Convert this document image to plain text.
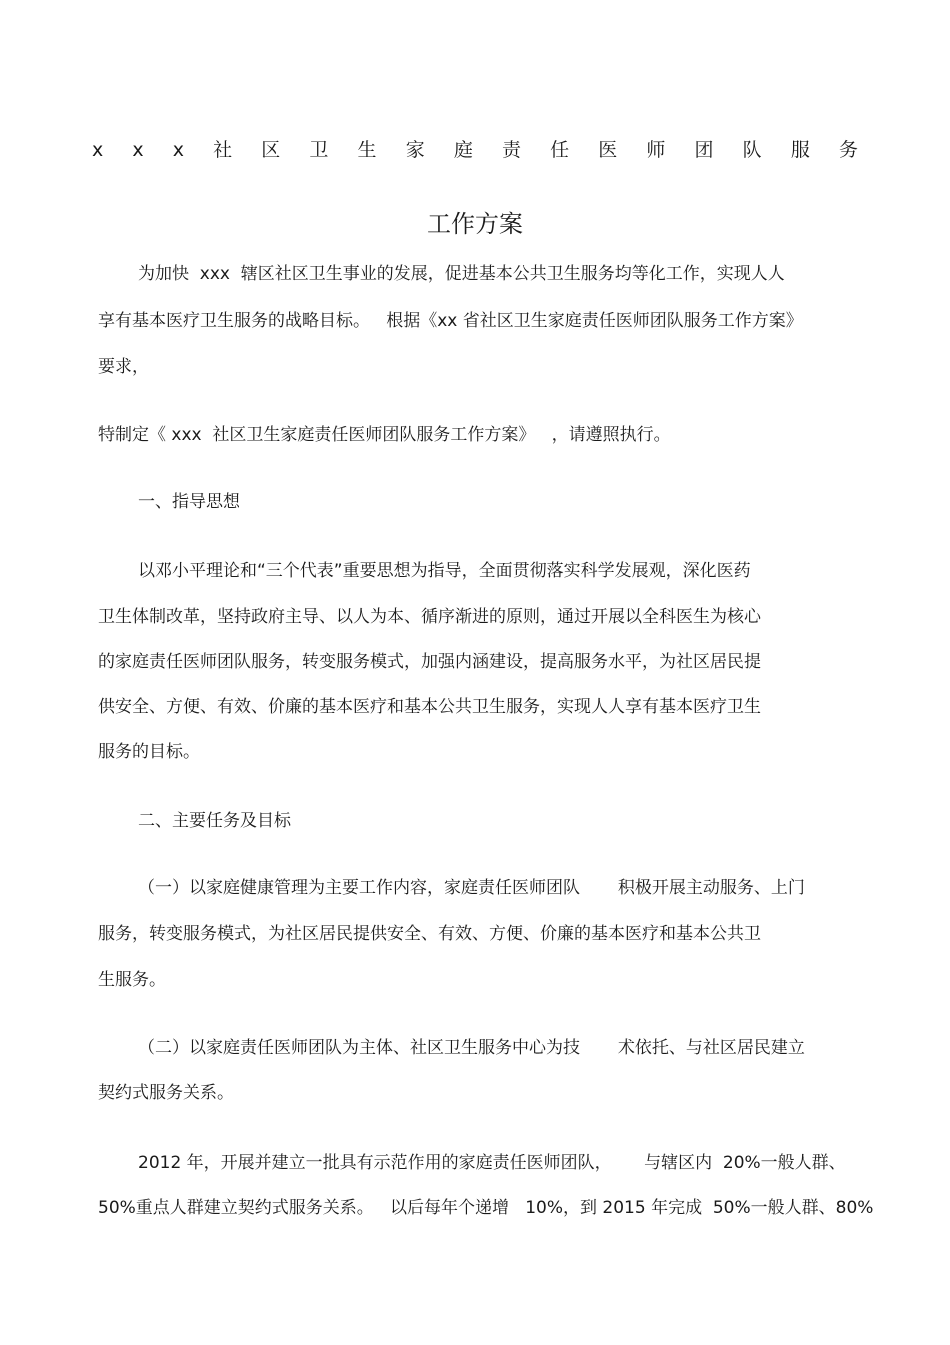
x x x 社 区 卫 生 家 庭 责 任 医 师 团 队 服 务
工作方案
为加快  xxx  辖区社区卫生事业的发展，促进基本公共卫生服务均等化工作，实现人人
享有基本医疗卫生服务的战略目标。   根据《xx 省社区卫生家庭责任医师团队服务工作方案》
要求，
特制定《 xxx  社区卫生家庭责任医师团队服务工作方案》   ，请遵照执行。
一、指导思想
以邓小平理论和“三个代表”重要思想为指导，全面贯彻落实科学发展观，深化医药
卫生体制改革，坚持政府主导、以人为本、循序渐进的原则，通过开展以全科医生为核心
的家庭责任医师团队服务，转变服务模式，加强内涵建设，提高服务水平，为社区居民提
供安全、方便、有效、价廉的基本医疗和基本公共卫生服务，实现人人享有基本医疗卫生
服务的目标。
二、主要任务及目标
（一）以家庭健康管理为主要工作内容，家庭责任医师团队       积极开展主动服务、上门
服务，转变服务模式，为社区居民提供安全、有效、方便、价廉的基本医疗和基本公共卫
生服务。
（二）以家庭责任医师团队为主体、社区卫生服务中心为技       术依托、与社区居民建立
契约式服务关系。
2012 年，开展并建立一批具有示范作用的家庭责任医师团队，      与辖区内  20%一般人群、
50%重点人群建立契约式服务关系。   以后每年个递增   10%，到 2015 年完成  50%一般人群、80%
